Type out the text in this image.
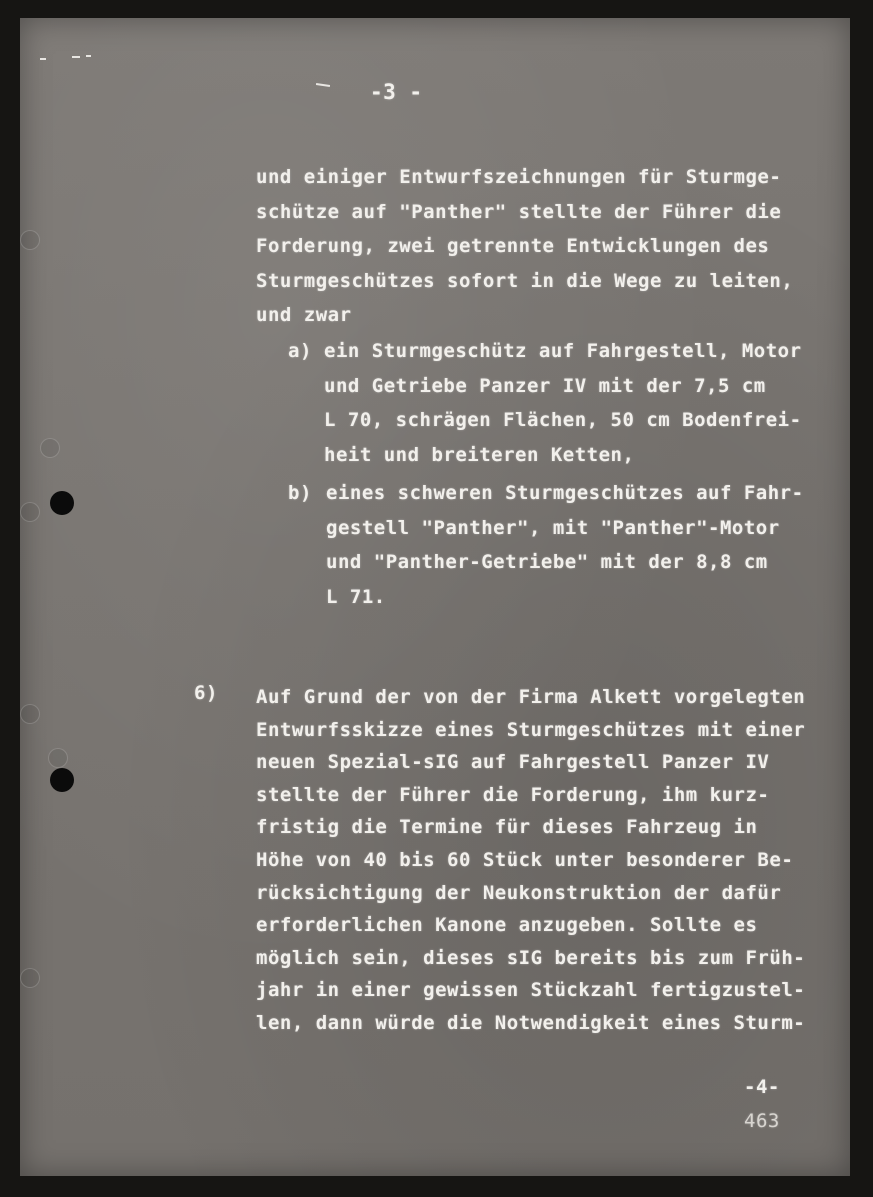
-3 -
und einiger Entwurfszeichnungen für Sturmge-
schütze auf "Panther" stellte der Führer die
Forderung, zwei getrennte Entwicklungen des
Sturmgeschützes sofort in die Wege zu leiten,
und zwar
a) ein Sturmgeschütz auf Fahrgestell, Motor
und Getriebe Panzer IV mit der 7,5 cm
L 70, schrägen Flächen, 50 cm Bodenfrei-
heit und breiteren Ketten,
b) eines schweren Sturmgeschützes auf Fahr-
gestell "Panther", mit "Panther"-Motor
und "Panther-Getriebe" mit der 8,8 cm
L 71.
6) Auf Grund der von der Firma Alkett vorgelegten
Entwurfsskizze eines Sturmgeschützes mit einer
neuen Spezial-sIG auf Fahrgestell Panzer IV
stellte der Führer die Forderung, ihm kurz-
fristig die Termine für dieses Fahrzeug in
Höhe von 40 bis 60 Stück unter besonderer Be-
rücksichtigung der Neukonstruktion der dafür
erforderlichen Kanone anzugeben. Sollte es
möglich sein, dieses sIG bereits bis zum Früh-
jahr in einer gewissen Stückzahl fertigzustel-
len, dann würde die Notwendigkeit eines Sturm-
-4-
463
